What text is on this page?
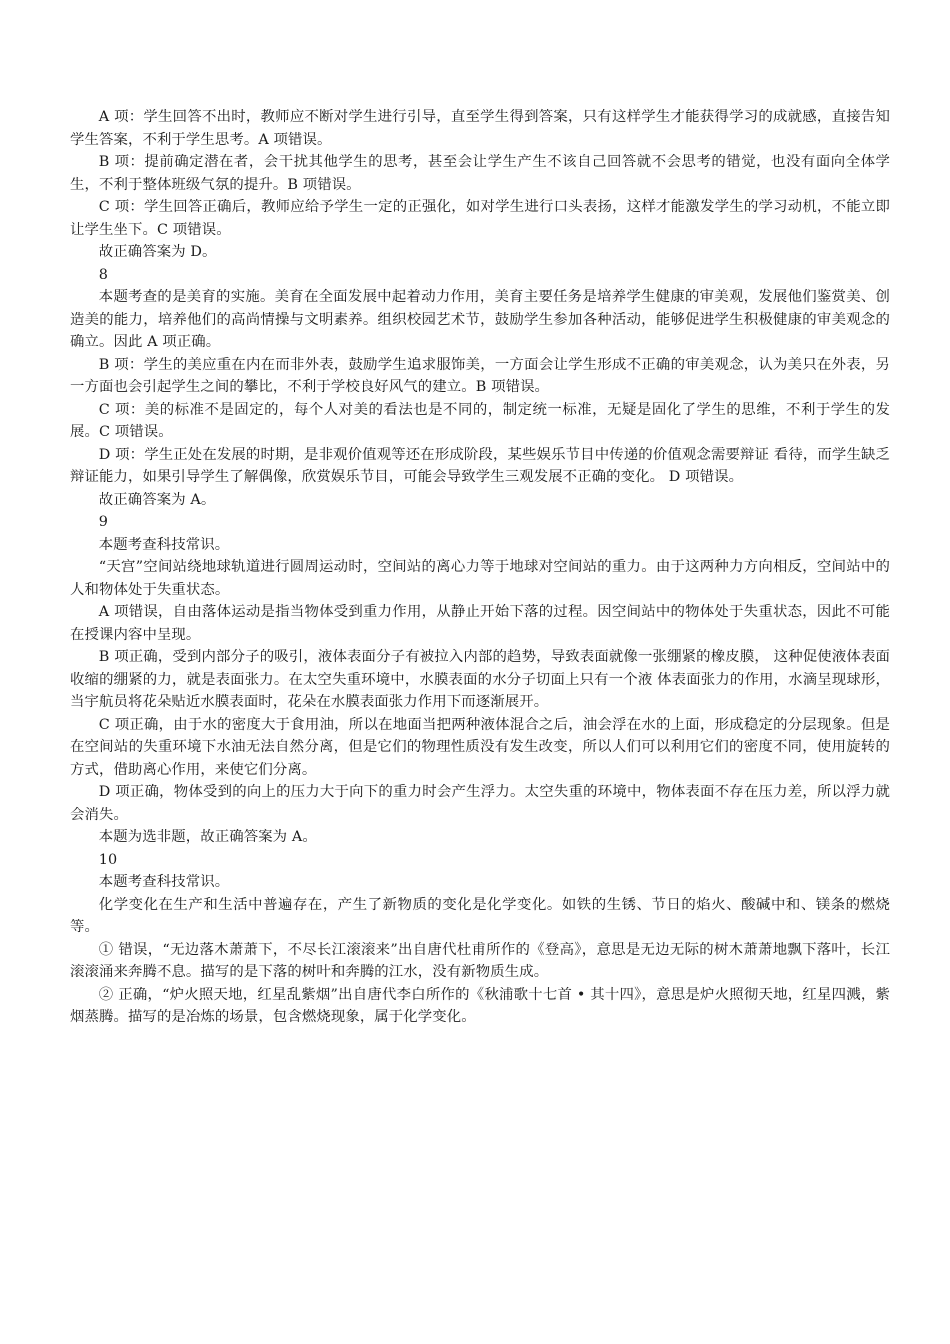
A 项：学生回答不出时，教师应不断对学生进行引导，直至学生得到答案，只有这样学生才能获得学习的成就感，直接告知学生答案，不利于学生思考。A 项错误。

B 项：提前确定潜在者，会干扰其他学生的思考，甚至会让学生产生不该自己回答就不会思考的错觉，也没有面向全体学生，不利于整体班级气氛的提升。B 项错误。

C 项：学生回答正确后，教师应给予学生一定的正强化，如对学生进行口头表扬，这样才能激发学生的学习动机，不能立即让学生坐下。C 项错误。

故正确答案为 D。

8

本题考查的是美育的实施。美育在全面发展中起着动力作用，美育主要任务是培养学生健康的审美观，发展他们鉴赏美、创造美的能力，培养他们的高尚情操与文明素养。组织校园艺术节，鼓励学生参加各种活动，能够促进学生积极健康的审美观念的确立。因此 A 项正确。

B 项：学生的美应重在内在而非外表，鼓励学生追求服饰美，一方面会让学生形成不正确的审美观念，认为美只在外表，另一方面也会引起学生之间的攀比，不利于学校良好风气的建立。B 项错误。

C 项：美的标准不是固定的，每个人对美的看法也是不同的，制定统一标准，无疑是固化了学生的思维，不利于学生的发展。C 项错误。

D 项：学生正处在发展的时期，是非观价值观等还在形成阶段，某些娱乐节目中传递的价值观念需要辩证 看待，而学生缺乏辩证能力，如果引导学生了解偶像，欣赏娱乐节目，可能会导致学生三观发展不正确的变化。 D 项错误。

故正确答案为 A。

9

本题考查科技常识。

“天宫”空间站绕地球轨道进行圆周运动时，空间站的离心力等于地球对空间站的重力。由于这两种力方向相反，空间站中的人和物体处于失重状态。

A 项错误，自由落体运动是指当物体受到重力作用，从静止开始下落的过程。因空间站中的物体处于失重状态，因此不可能在授课内容中呈现。

B 项正确，受到内部分子的吸引，液体表面分子有被拉入内部的趋势，导致表面就像一张绷紧的橡皮膜， 这种促使液体表面收缩的绷紧的力，就是表面张力。在太空失重环境中，水膜表面的水分子切面上只有一个液 体表面张力的作用，水滴呈现球形，当宇航员将花朵贴近水膜表面时，花朵在水膜表面张力作用下而逐渐展开。

C 项正确，由于水的密度大于食用油，所以在地面当把两种液体混合之后，油会浮在水的上面，形成稳定的分层现象。但是在空间站的失重环境下水油无法自然分离，但是它们的物理性质没有发生改变，所以人们可以利用它们的密度不同，使用旋转的方式，借助离心作用，来使它们分离。

D 项正确，物体受到的向上的压力大于向下的重力时会产生浮力。太空失重的环境中，物体表面不存在压力差，所以浮力就会消失。

本题为选非题，故正确答案为 A。

10

本题考查科技常识。

化学变化在生产和生活中普遍存在，产生了新物质的变化是化学变化。如铁的生锈、节日的焰火、酸碱中和、镁条的燃烧等。

① 错误，“无边落木萧萧下，不尽长江滚滚来”出自唐代杜甫所作的《登高》，意思是无边无际的树木萧萧地飘下落叶，长江滚滚涌来奔腾不息。描写的是下落的树叶和奔腾的江水，没有新物质生成。

② 正确，“炉火照天地，红星乱紫烟”出自唐代李白所作的《秋浦歌十七首 • 其十四》，意思是炉火照彻天地，红星四溅，紫烟蒸腾。描写的是冶炼的场景，包含燃烧现象，属于化学变化。
